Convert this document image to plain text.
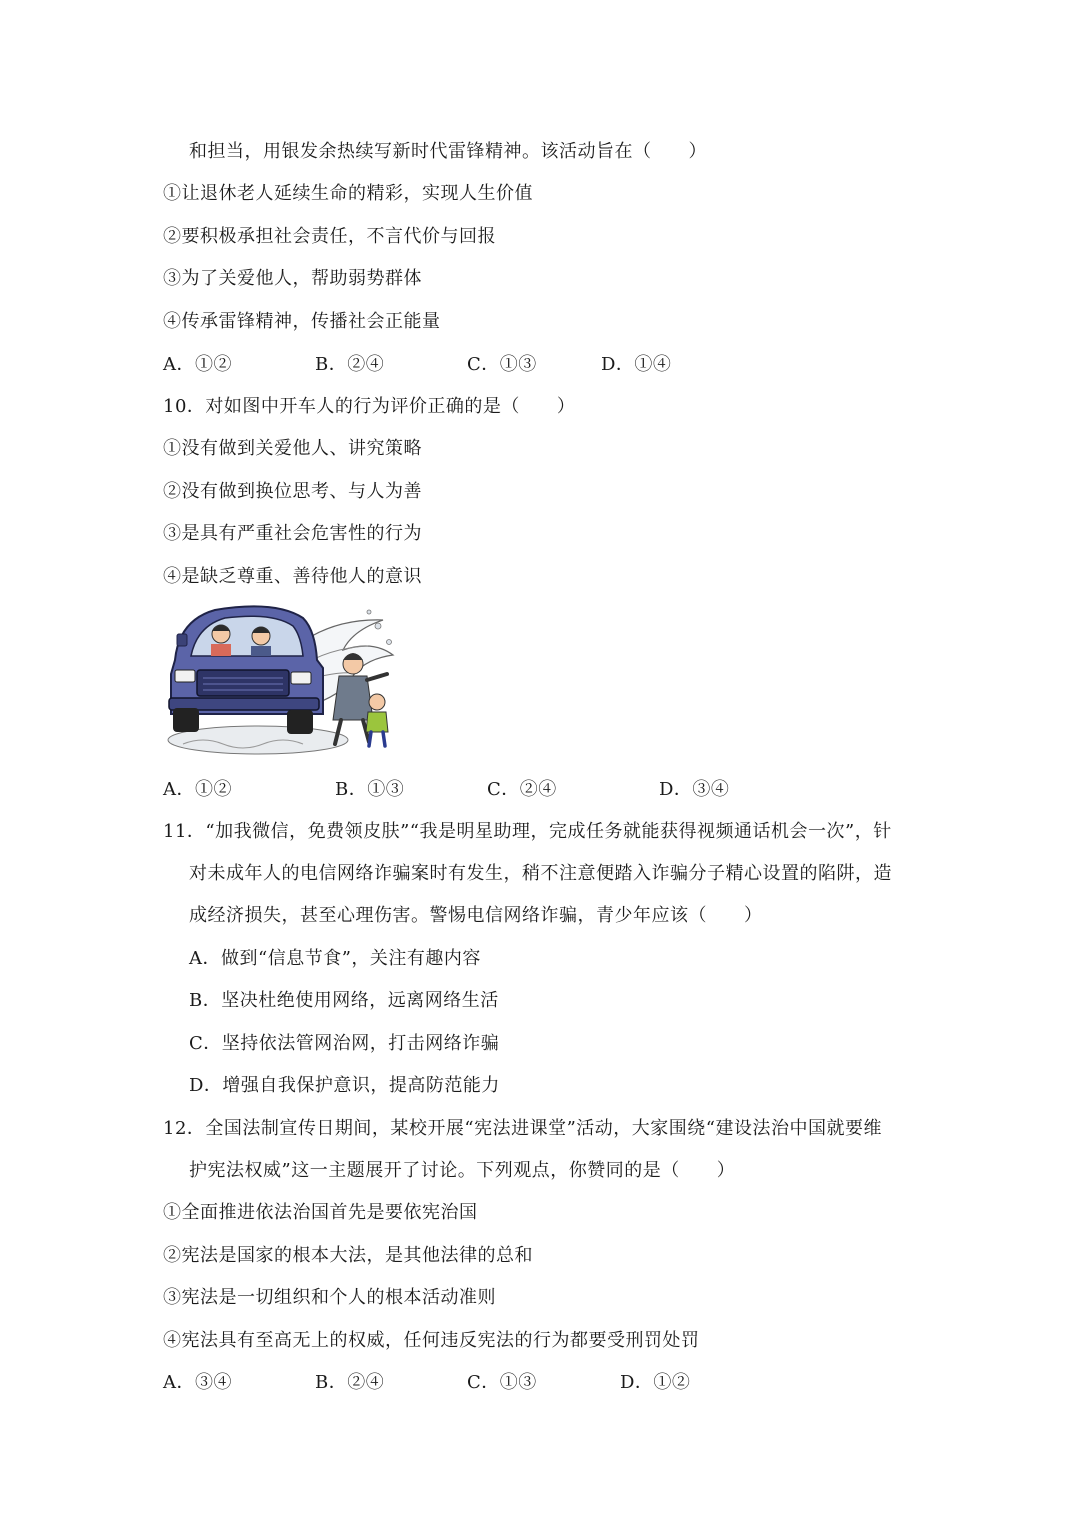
和担当，用银发余热续写新时代雷锋精神。该活动旨在（　　）
①让退休老人延续生命的精彩，实现人生价值
②要积极承担社会责任，不言代价与回报
③为了关爱他人，帮助弱势群体
④传承雷锋精神，传播社会正能量
A．①②	B．②④	C．①③	D．①④
10．对如图中开车人的行为评价正确的是（　　）
①没有做到关爱他人、讲究策略
②没有做到换位思考、与人为善
③是具有严重社会危害性的行为
④是缺乏尊重、善待他人的意识
A．①②	B．①③	C．②④	D．③④
11．“加我微信，免费领皮肤”“我是明星助理，完成任务就能获得视频通话机会一次”，针
对未成年人的电信网络诈骗案时有发生，稍不注意便踏入诈骗分子精心设置的陷阱，造
成经济损失，甚至心理伤害。警惕电信网络诈骗，青少年应该（　　）
A．做到“信息节食”，关注有趣内容
B．坚决杜绝使用网络，远离网络生活
C．坚持依法管网治网，打击网络诈骗
D．增强自我保护意识，提高防范能力
12．全国法制宣传日期间，某校开展“宪法进课堂”活动，大家围绕“建设法治中国就要维
护宪法权威”这一主题展开了讨论。下列观点，你赞同的是（　　）
①全面推进依法治国首先是要依宪治国
②宪法是国家的根本大法，是其他法律的总和
③宪法是一切组织和个人的根本活动准则
④宪法具有至高无上的权威，任何违反宪法的行为都要受刑罚处罚
A．③④	B．②④	C．①③	D．①②
